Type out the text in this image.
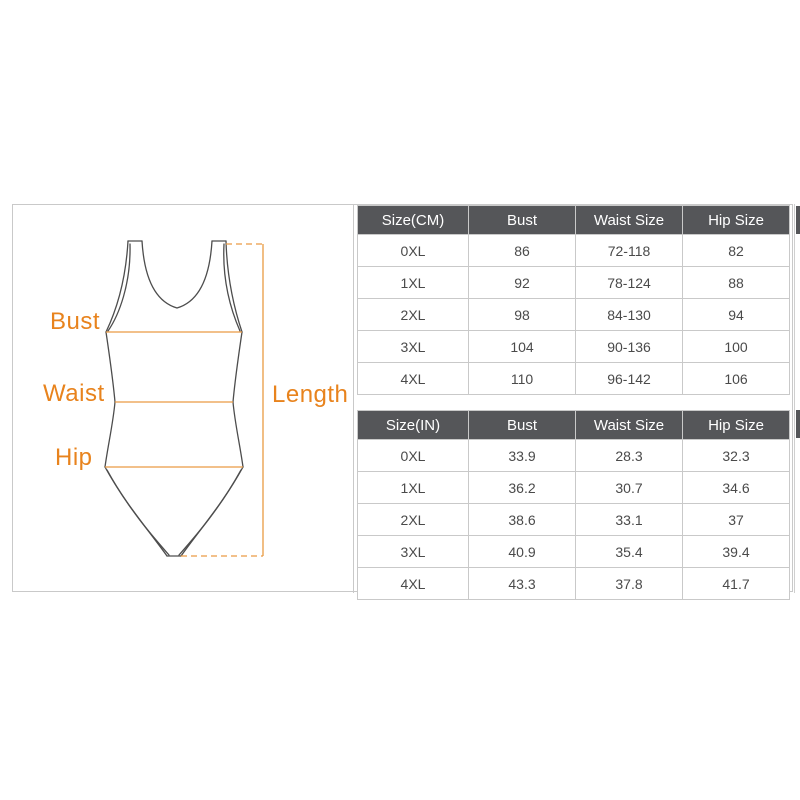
Bust
Waist
Hip
Length
Size(CM)	Bust	Waist Size	Hip Size
0XL	86	72-118	82
1XL	92	78-124	88
2XL	98	84-130	94
3XL	104	90-136	100
4XL	110	96-142	106
Size(IN)	Bust	Waist Size	Hip Size
0XL	33.9	28.3	32.3
1XL	36.2	30.7	34.6
2XL	38.6	33.1	37
3XL	40.9	35.4	39.4
4XL	43.3	37.8	41.7
